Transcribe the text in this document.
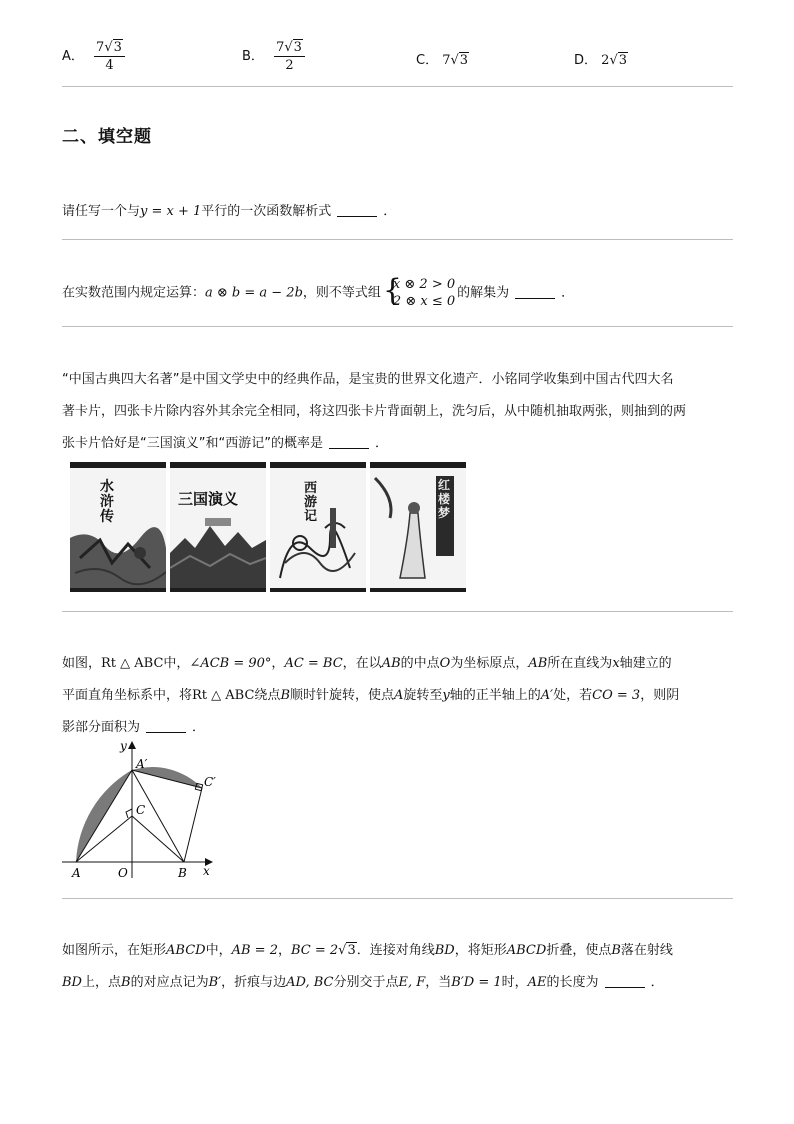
A． $\frac{7√3}{4}$	B． $\frac{7√3}{2}$	C． 7√3	D． 2√3
二、填空题
请任写一个与y = x + 1平行的一次函数解析式	．
在实数范围内规定运算：a ⊗ b = a − 2b，则不等式组 {
x ⊗ 2 > 0
2 ⊗ x ≤ 0
的解集为	．
“中国古典四大名著”是中国文学史中的经典作品，是宝贵的世界文化遗产．小铭同学收集到中国古代四大名
著卡片，四张卡片除内容外其余完全相同，将这四张卡片背面朝上，洗匀后，从中随机抽取两张，则抽到的两
张卡片恰好是“三国演义”和“西游记”的概率是	．
水浒传
三国演义
西游记
红楼梦
如图，Rt △ ABC中，∠ACB = 90°，AC = BC，在以AB的中点O为坐标原点，AB所在直线为x轴建立的
平面直角坐标系中，将Rt △ ABC绕点B顺时针旋转，使点A旋转至y轴的正半轴上的A′处，若CO = 3，则阴
影部分面积为	．
y
x
A	O	B
C
A′
C′
如图所示，在矩形ABCD中，AB = 2，BC = 2√3．连接对角线BD，将矩形ABCD折叠，使点B落在射线
BD上，点B的对应点记为B′，折痕与边AD, BC分别交于点E, F，当B′D = 1时，AE的长度为	．
